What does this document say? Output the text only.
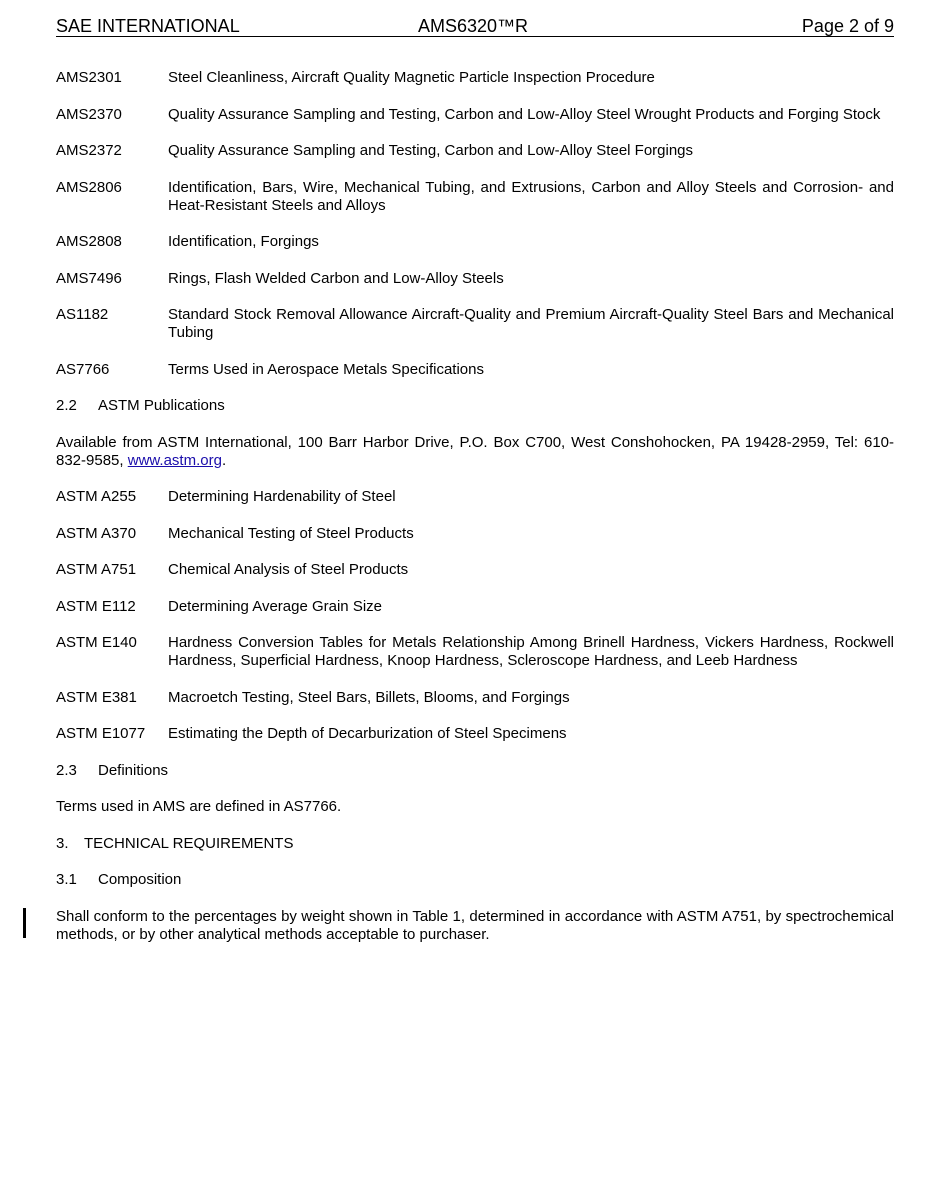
SAE INTERNATIONAL	AMS6320™R	Page 2 of 9
AMS2301	Steel Cleanliness, Aircraft Quality Magnetic Particle Inspection Procedure
AMS2370	Quality Assurance Sampling and Testing, Carbon and Low-Alloy Steel Wrought Products and Forging Stock
AMS2372	Quality Assurance Sampling and Testing, Carbon and Low-Alloy Steel Forgings
AMS2806	Identification, Bars, Wire, Mechanical Tubing, and Extrusions, Carbon and Alloy Steels and Corrosion- and Heat-Resistant Steels and Alloys
AMS2808	Identification, Forgings
AMS7496	Rings, Flash Welded Carbon and Low-Alloy Steels
AS1182	Standard Stock Removal Allowance Aircraft-Quality and Premium Aircraft-Quality Steel Bars and Mechanical Tubing
AS7766	Terms Used in Aerospace Metals Specifications
2.2 ASTM Publications
Available from ASTM International, 100 Barr Harbor Drive, P.O. Box C700, West Conshohocken, PA 19428-2959, Tel: 610-832-9585, www.astm.org.
ASTM A255	Determining Hardenability of Steel
ASTM A370	Mechanical Testing of Steel Products
ASTM A751	Chemical Analysis of Steel Products
ASTM E112	Determining Average Grain Size
ASTM E140	Hardness Conversion Tables for Metals Relationship Among Brinell Hardness, Vickers Hardness, Rockwell Hardness, Superficial Hardness, Knoop Hardness, Scleroscope Hardness, and Leeb Hardness
ASTM E381	Macroetch Testing, Steel Bars, Billets, Blooms, and Forgings
ASTM E1077	Estimating the Depth of Decarburization of Steel Specimens
2.3 Definitions
Terms used in AMS are defined in AS7766.
3. TECHNICAL REQUIREMENTS
3.1 Composition
Shall conform to the percentages by weight shown in Table 1, determined in accordance with ASTM A751, by spectrochemical methods, or by other analytical methods acceptable to purchaser.
